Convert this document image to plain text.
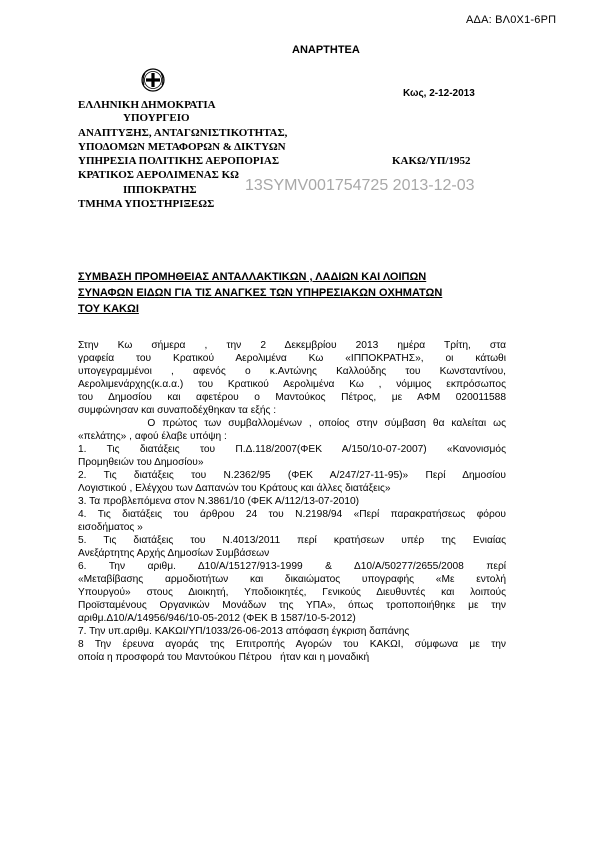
ΑΔΑ: ΒΛ0Χ1-6ΡΠ
ΑΝΑΡΤΗΤΕΑ
Κως, 2-12-2013
ΕΛΛΗΝΙΚΗ ΔΗΜΟΚΡΑΤΙΑ
ΥΠΟΥΡΓΕΙΟ
ΑΝΑΠΤΥΞΗΣ, ΑΝΤΑΓΩΝΙΣΤΙΚΟΤΗΤΑΣ,
ΥΠΟΔΟΜΩΝ ΜΕΤΑΦΟΡΩΝ & ΔΙΚΤΥΩΝ
ΥΠΗΡΕΣΙΑ ΠΟΛΙΤΙΚΗΣ ΑΕΡΟΠΟΡΙΑΣ
ΚΡΑΤΙΚΟΣ ΑΕΡΟΛΙΜΕΝΑΣ ΚΩ
ΙΠΠΟΚΡΑΤΗΣ
ΤΜΗΜΑ ΥΠΟΣΤΗΡΙΞΕΩΣ
ΚΑΚΩ/ΥΠ/1952
13SYMV001754725 2013-12-03
ΣΥΜΒΑΣΗ ΠΡΟΜΗΘΕΙΑΣ ΑΝΤΑΛΛΑΚΤΙΚΩΝ , ΛΑΔΙΩΝ ΚΑΙ ΛΟΙΠΩΝ
ΣΥΝΑΦΩΝ ΕΙΔΩΝ ΓΙΑ ΤΙΣ ΑΝΑΓΚΕΣ ΤΩΝ ΥΠΗΡΕΣΙΑΚΩΝ ΟΧΗΜΑΤΩΝ
ΤΟΥ ΚΑΚΩΙ

Στην Κω σήμερα , την 2 Δεκεμβρίου 2013 ημέρα Τρίτη, στα

γραφεία του Κρατικού Αερολιμένα Κω «ΙΠΠΟΚΡΑΤΗΣ», οι κάτωθι

υπογεγραμμένοι , αφενός ο κ.Αντώνης Καλλούδης του Κωνσταντίνου,

Αερολιμενάρχης(κ.α.α.) του Κρατικού Αερολιμένα Κω , νόμιμος εκπρόσωπος

του Δημοσίου και αφετέρου ο Μαντούκος Πέτρος, με ΑΦΜ 020011588

συμφώνησαν και συναποδέχθηκαν τα εξής :

Ο πρώτος των συμβαλλομένων , οποίος στην σύμβαση θα καλείται ως

«πελάτης» , αφού έλαβε υπόψη :

1. Τις διατάξεις του Π.Δ.118/2007(ΦΕΚ Α/150/10-07-2007) «Κανονισμός

Προμηθειών του Δημοσίου»

2. Τις διατάξεις του Ν.2362/95 (ΦΕΚ Α/247/27-11-95)» Περί Δημοσίου

Λογιστικού , Ελέγχου των Δαπανών του Κράτους και άλλες διατάξεις»

3. Τα προβλεπόμενα στον Ν.3861/10 (ΦΕΚ Α/112/13-07-2010)

4. Τις διατάξεις του άρθρου 24 του Ν.2198/94 «Περί παρακρατήσεως φόρου

εισοδήματος »

5. Τις διατάξεις του Ν.4013/2011 περί κρατήσεων υπέρ της Ενιαίας

Ανεξάρτητης Αρχής Δημοσίων Συμβάσεων

6. Την αριθμ. Δ10/Α/15127/913-1999 & Δ10/Α/50277/2655/2008 περί

«Μεταβίβασης αρμοδιοτήτων και δικαιώματος υπογραφής «Με εντολή

Υπουργού» στους Διοικητή, Υποδιοικητές, Γενικούς Διευθυντές και λοιπούς

Προϊσταμένους Οργανικών Μονάδων της ΥΠΑ», όπως τροποποιήθηκε με την

αριθμ.Δ10/Α/14956/946/10-05-2012 (ΦΕΚ Β 1587/10-5-2012)

7. Την υπ.αριθμ. ΚΑΚΩΙ/ΥΠ/1033/26-06-2013 απόφαση έγκριση δαπάνης

8 Την έρευνα αγοράς της Επιτροπής Αγορών του ΚΑΚΩΙ, σύμφωνα με την

οποία η προσφορά του Μαντούκου Πέτρου   ήταν και η μοναδική
